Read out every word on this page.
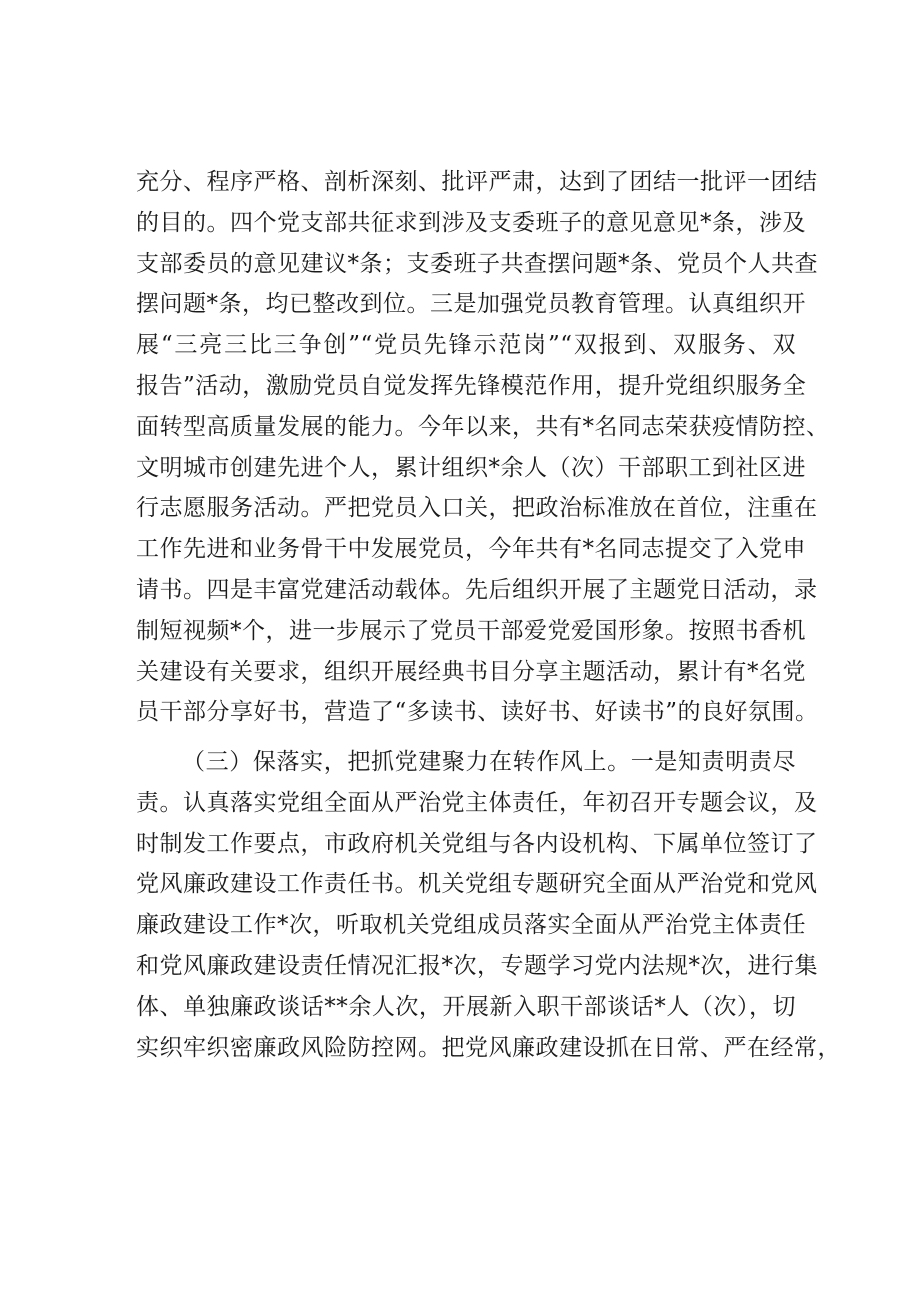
充分、程序严格、剖析深刻、批评严肃，达到了团结一批评一团结
的目的。四个党支部共征求到涉及支委班子的意见意见*条，涉及
支部委员的意见建议*条；支委班子共查摆问题*条、党员个人共查
摆问题*条，均已整改到位。三是加强党员教育管理。认真组织开
展“三亮三比三争创”“党员先锋示范岗”“双报到、双服务、双
报告”活动，激励党员自觉发挥先锋模范作用，提升党组织服务全
面转型高质量发展的能力。今年以来，共有*名同志荣获疫情防控、
文明城市创建先进个人，累计组织*余人（次）干部职工到社区进
行志愿服务活动。严把党员入口关，把政治标准放在首位，注重在
工作先进和业务骨干中发展党员，今年共有*名同志提交了入党申
请书。四是丰富党建活动载体。先后组织开展了主题党日活动，录
制短视频*个，进一步展示了党员干部爱党爱国形象。按照书香机
关建设有关要求，组织开展经典书目分享主题活动，累计有*名党
员干部分享好书，营造了“多读书、读好书、好读书”的良好氛围。
（三）保落实，把抓党建聚力在转作风上。一是知责明责尽
责。认真落实党组全面从严治党主体责任，年初召开专题会议，及
时制发工作要点，市政府机关党组与各内设机构、下属单位签订了
党风廉政建设工作责任书。机关党组专题研究全面从严治党和党风
廉政建设工作*次，听取机关党组成员落实全面从严治党主体责任
和党风廉政建设责任情况汇报*次，专题学习党内法规*次，进行集
体、单独廉政谈话**余人次，开展新入职干部谈话*人（次），切
实织牢织密廉政风险防控网。把党风廉政建设抓在日常、严在经常，
